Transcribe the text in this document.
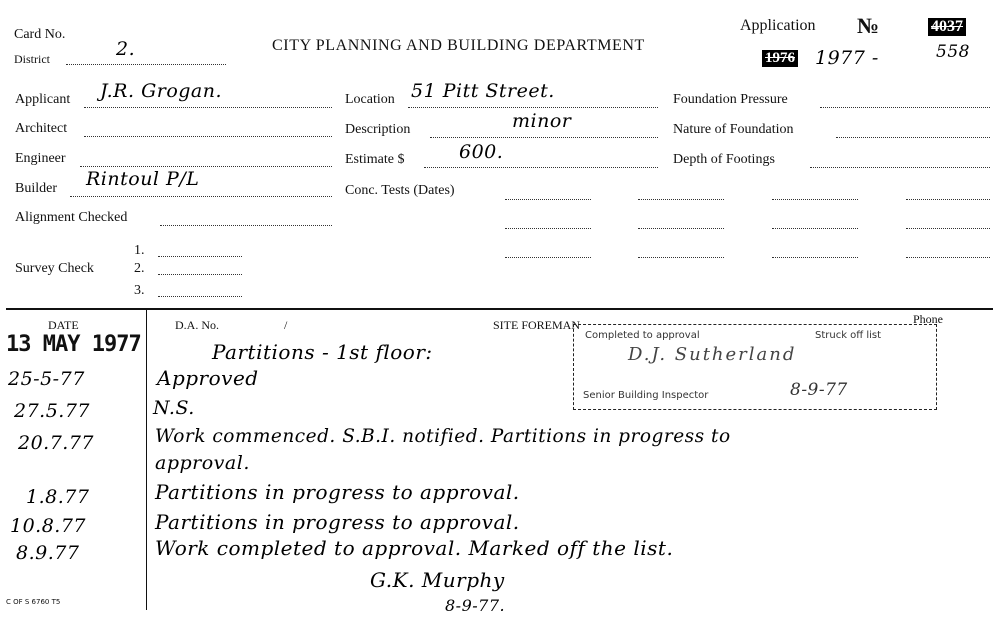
Card No.
District	2.	CITY PLANNING AND BUILDING DEPARTMENT
Application №	4037
1976 1977 -	558
Applicant J.R. Grogan.
Architect
Engineer
Builder Rintoul P/L
Alignment Checked
Survey Check
1.
2.
3.
Location 51 Pitt Street.
Description	minor
Estimate $	600.
Conc. Tests (Dates)
Foundation Pressure
Nature of Foundation
Depth of Footings
DATE	D.A. No.	/	SITE FOREMAN	Phone
Completed to approval	Struck off list
D.J. Sutherland
Senior Building Inspector	8-9-77
13 MAY 1977	Partitions - 1st floor:
25-5-77	Approved
27.5.77	N.S.
20.7.77	Work commenced. S.B.I. notified. Partitions in progress to
approval.
1.8.77	Partitions in progress to approval.
10.8.77	Partitions in progress to approval.
8.9.77	Work completed to approval. Marked off the list.
G.K. Murphy
8-9-77.
C OF S 6760 T5
